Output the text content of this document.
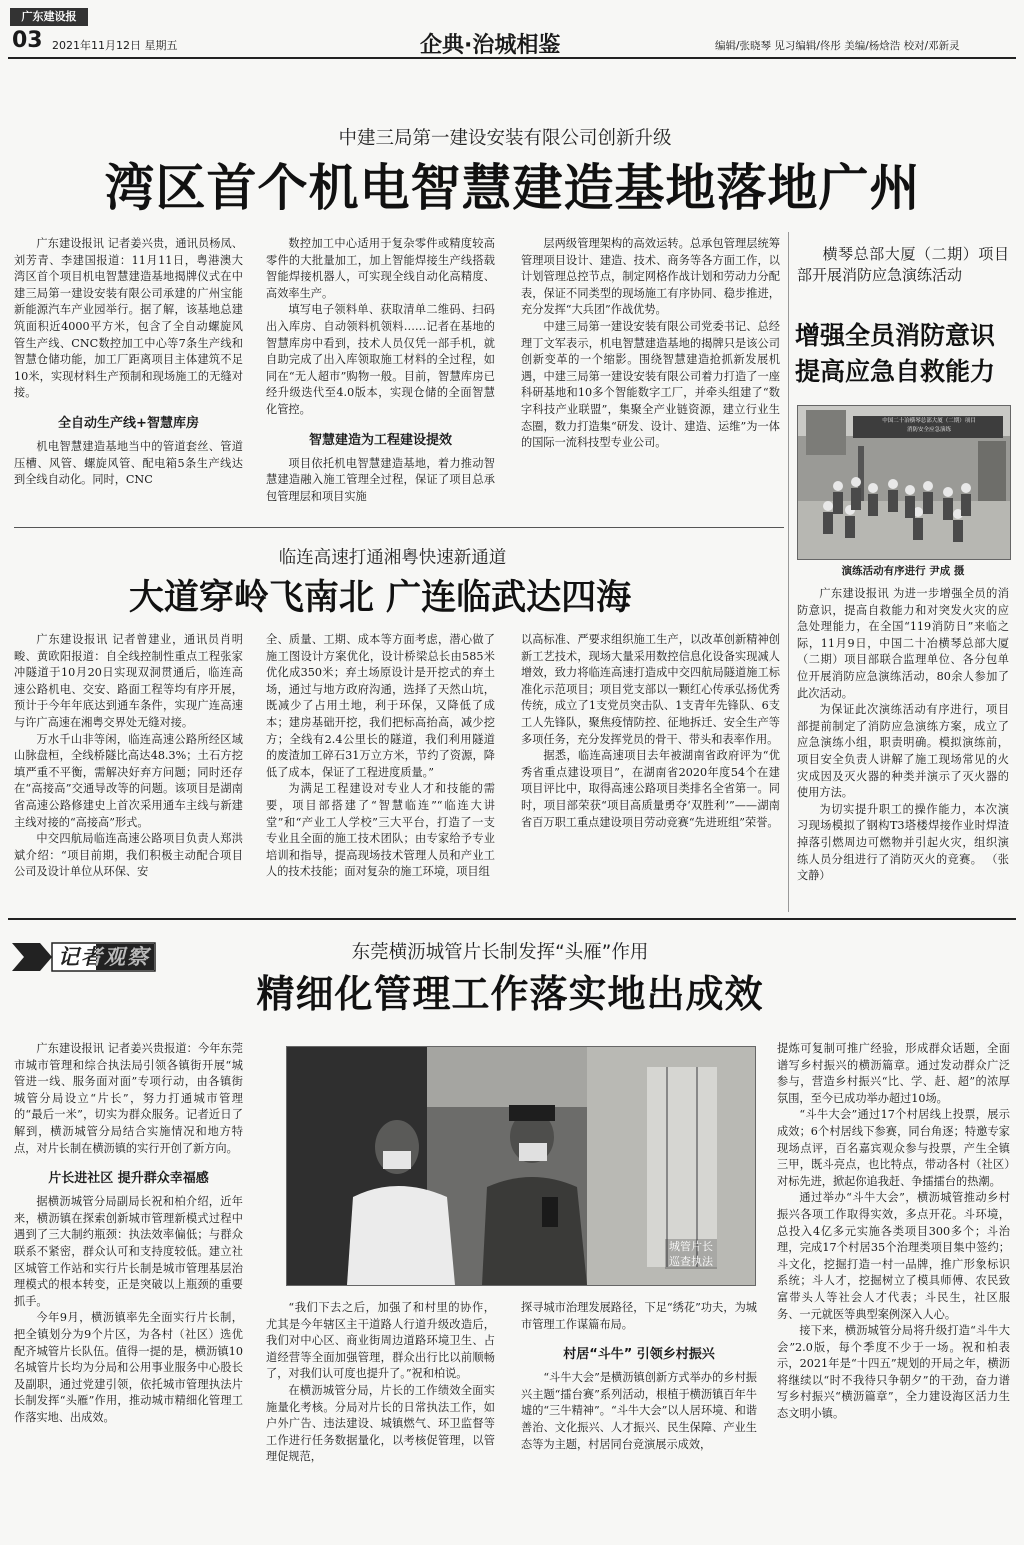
广东建设报
03 2021年11月12日 星期五	企典·治城相鉴	编辑/张晓琴 见习编辑/佟彤 美编/杨焓浩 校对/邓新灵
中建三局第一建设安装有限公司创新升级
湾区首个机电智慧建造基地落地广州

广东建设报讯 记者姜兴贵，通讯员杨凤、刘芳青、李建国报道：11月11日，粤港澳大湾区首个项目机电智慧建造基地揭牌仪式在中建三局第一建设安装有限公司承建的广州宝能新能源汽车产业园举行。据了解，该基地总建筑面积近4000平方米，包含了全自动螺旋风管生产线、CNC数控加工中心等7条生产线和智慧仓储功能，加工厂距离项目主体建筑不足10米，实现材料生产预制和现场施工的无缝对接。

全自动生产线+智慧库房

机电智慧建造基地当中的管道套丝、管道压槽、风管、螺旋风管、配电箱5条生产线达到全线自动化。同时，CNC

数控加工中心适用于复杂零件或精度较高零件的大批量加工，加上智能焊接生产线搭载智能焊接机器人，可实现全线自动化高精度、高效率生产。

填写电子领料单、获取清单二维码、扫码出入库房、自动领料机领料……记者在基地的智慧库房中看到，技术人员仅凭一部手机，就自助完成了出入库领取施工材料的全过程，如同在“无人超市”购物一般。目前，智慧库房已经升级迭代至4.0版本，实现仓储的全面智慧化管控。

智慧建造为工程建设提效

项目依托机电智慧建造基地，着力推动智慧建造融入施工管理全过程，保证了项目总承包管理层和项目实施

层两级管理架构的高效运转。总承包管理层统筹管理项目设计、建造、技术、商务等各方面工作，以计划管理总控节点，制定网格作战计划和劳动力分配表，保证不同类型的现场施工有序协同、稳步推进，充分发挥“大兵团”作战优势。

中建三局第一建设安装有限公司党委书记、总经理丁文军表示，机电智慧建造基地的揭牌只是该公司创新变革的一个缩影。围绕智慧建造抢抓新发展机遇，中建三局第一建设安装有限公司着力打造了一座科研基地和10多个智能数字工厂，并牵头组建了“数字科技产业联盟”，集聚全产业链资源，建立行业生态圈，数力打造集“研发、设计、建造、运维”为一体的国际一流科技型专业公司。

横琴总部大厦（二期）项目部开展消防应急演练活动
增强全员消防意识 提高应急自救能力
中国二十冶横琴总部大厦（二期）项目
消防安全应急演练
演练活动有序进行 尹成 摄

广东建设报讯 为进一步增强全员的消防意识，提高自救能力和对突发火灾的应急处理能力，在全国“119消防日”来临之际，11月9日，中国二十冶横琴总部大厦（二期）项目部联合监理单位、各分包单位开展消防应急演练活动，80余人参加了此次活动。

为保证此次演练活动有序进行，项目部提前制定了消防应急演练方案，成立了应急演练小组，职责明确。模拟演练前，项目安全负责人讲解了施工现场常见的火灾成因及灭火器的种类并演示了灭火器的使用方法。

为切实提升职工的操作能力，本次演习现场模拟了钢构T3塔楼焊接作业时焊渣掉落引燃周边可燃物并引起火灾，组织演练人员分组进行了消防灭火的竞赛。 （张文静）

临连高速打通湘粤快速新通道
大道穿岭飞南北 广连临武达四海

广东建设报讯 记者曾建业，通讯员肖明畯、黄欧阳报道：自全线控制性重点工程张家冲隧道于10月20日实现双洞贯通后，临连高速公路机电、交安、路面工程等均有序开展，预计于今年年底达到通车条件，实现广连高速与许广高速在湘粤交界处无缝对接。

万水千山非等闲，临连高速公路所经区域山脉盘桓，全线桥隧比高达48.3%；土石方挖填严重不平衡，需解决好弃方问题；同时还存在“高接高”交通导改等的问题。该项目是湖南省高速公路修建史上首次采用通车主线与新建主线对接的“高接高”形式。

中交四航局临连高速公路项目负责人郑洪斌介绍：“项目前期，我们积极主动配合项目公司及设计单位从环保、安

全、质量、工期、成本等方面考虑，潜心做了施工图设计方案优化，设计桥梁总长由585米优化成350米；弃土场原设计是开挖式的弃土场，通过与地方政府沟通，选择了天然山坑，既减少了占用土地，利于环保，又降低了成本；建房基础开挖，我们把标高抬高，减少挖方；全线有2.4公里长的隧道，我们利用隧道的废渣加工碎石31万立方米，节约了资源，降低了成本，保证了工程进度质量。”

为满足工程建设对专业人才和技能的需要，项目部搭建了“智慧临连”“临连大讲堂”和“产业工人学校”三大平台，打造了一支专业且全面的施工技术团队；由专家给予专业培训和指导，提高现场技术管理人员和产业工人的技术技能；面对复杂的施工环境，项目组

以高标准、严要求组织施工生产，以改革创新精神创新工艺技术，现场大量采用数控信息化设备实现减人增效，致力将临连高速打造成中交四航局隧道施工标准化示范项目；项目党支部以一颗红心传承弘扬优秀传统，成立了1支党员突击队、1支青年先锋队、6支工人先锋队，聚焦疫情防控、征地拆迁、安全生产等多项任务，充分发挥党员的骨干、带头和表率作用。

据悉，临连高速项目去年被湖南省政府评为“优秀省重点建设项目”，在湖南省2020年度54个在建项目评比中，取得高速公路项目类排名全省第一。同时，项目部荣获“项目高质量勇夺‘双胜利’”——湖南省百万职工重点建设项目劳动竞赛“先进班组”荣誉。

记者观察	东莞横沥城管片长制发挥“头雁”作用
精细化管理工作落实地出成效

广东建设报讯 记者姜兴贵报道：今年东莞市城市管理和综合执法局引领各镇街开展“城管进一线、服务面对面”专项行动，由各镇街城管分局设立“片长”，努力打通城市管理的“最后一米”，切实为群众服务。记者近日了解到，横沥城管分局结合实施情况和地方特点，对片长制在横沥镇的实行开创了新方向。

片长进社区 提升群众幸福感

据横沥城管分局副局长祝和柏介绍，近年来，横沥镇在探索创新城市管理新模式过程中遇到了三大制约瓶颈：执法效率偏低；与群众联系不紧密，群众认可和支持度较低。建立社区城管工作站和实行片长制是城市管理基层治理模式的根本转变，正是突破以上瓶颈的重要抓手。

今年9月，横沥镇率先全面实行片长制，把全镇划分为9个片区，为各村（社区）选优配齐城管片长队伍。值得一提的是，横沥镇10名城管片长均为分局和公用事业服务中心股长及副职，通过党建引领，依托城市管理执法片长制发挥“头雁”作用，推动城市精细化管理工作落实地、出成效。

城管片长巡查执法

“我们下去之后，加强了和村里的协作，尤其是今年辖区主干道路人行道升级改造后，我们对中心区、商业街周边道路环境卫生、占道经营等全面加强管理，群众出行比以前顺畅了，对我们认可度也提升了。”祝和柏说。

在横沥城管分局，片长的工作绩效全面实施量化考核。分局对片长的日常执法工作，如户外广告、违法建设、城镇燃气、环卫监督等工作进行任务数据量化，以考核促管理，以管理促规范，

探寻城市治理发展路径，下足“绣花”功夫，为城市管理工作谋篇布局。

村居“斗牛” 引领乡村振兴

“斗牛大会”是横沥镇创新方式举办的乡村振兴主题“擂台赛”系列活动，根植于横沥镇百年牛墟的“三牛精神”。“斗牛大会”以人居环境、和谐善治、文化振兴、人才振兴、民生保障、产业生态等为主题，村居同台竞演展示成效，

提炼可复制可推广经验，形成群众话题，全面谱写乡村振兴的横沥篇章。通过发动群众广泛参与，营造乡村振兴“比、学、赶、超”的浓厚氛围，至今已成功举办超过10场。

“斗牛大会”通过17个村居线上投票，展示成效；6个村居线下参赛，同台角逐；特邀专家现场点评，百名嘉宾观众参与投票，产生全镇三甲，既斗亮点，也比特点，带动各村（社区）对标先进，掀起你追我赶、争擂擂台的热潮。

通过举办“斗牛大会”，横沥城管推动乡村振兴各项工作取得实效，多点开花。斗环境，总投入4亿多元实施各类项目300多个；斗治理，完成17个村居35个治理类项目集中签约；斗文化，挖掘打造一村一品牌，推广形象标识系统；斗人才，挖掘树立了模具师傅、农民致富带头人等社会人才代表；斗民生，社区服务、一元就医等典型案例深入人心。

接下来，横沥城管分局将升级打造“斗牛大会”2.0版，每个季度不少于一场。祝和柏表示，2021年是“十四五”规划的开局之年，横沥将继续以“时不我待只争朝夕”的干劲，奋力谱写乡村振兴“横沥篇章”，全力建设海区活力生态文明小镇。
